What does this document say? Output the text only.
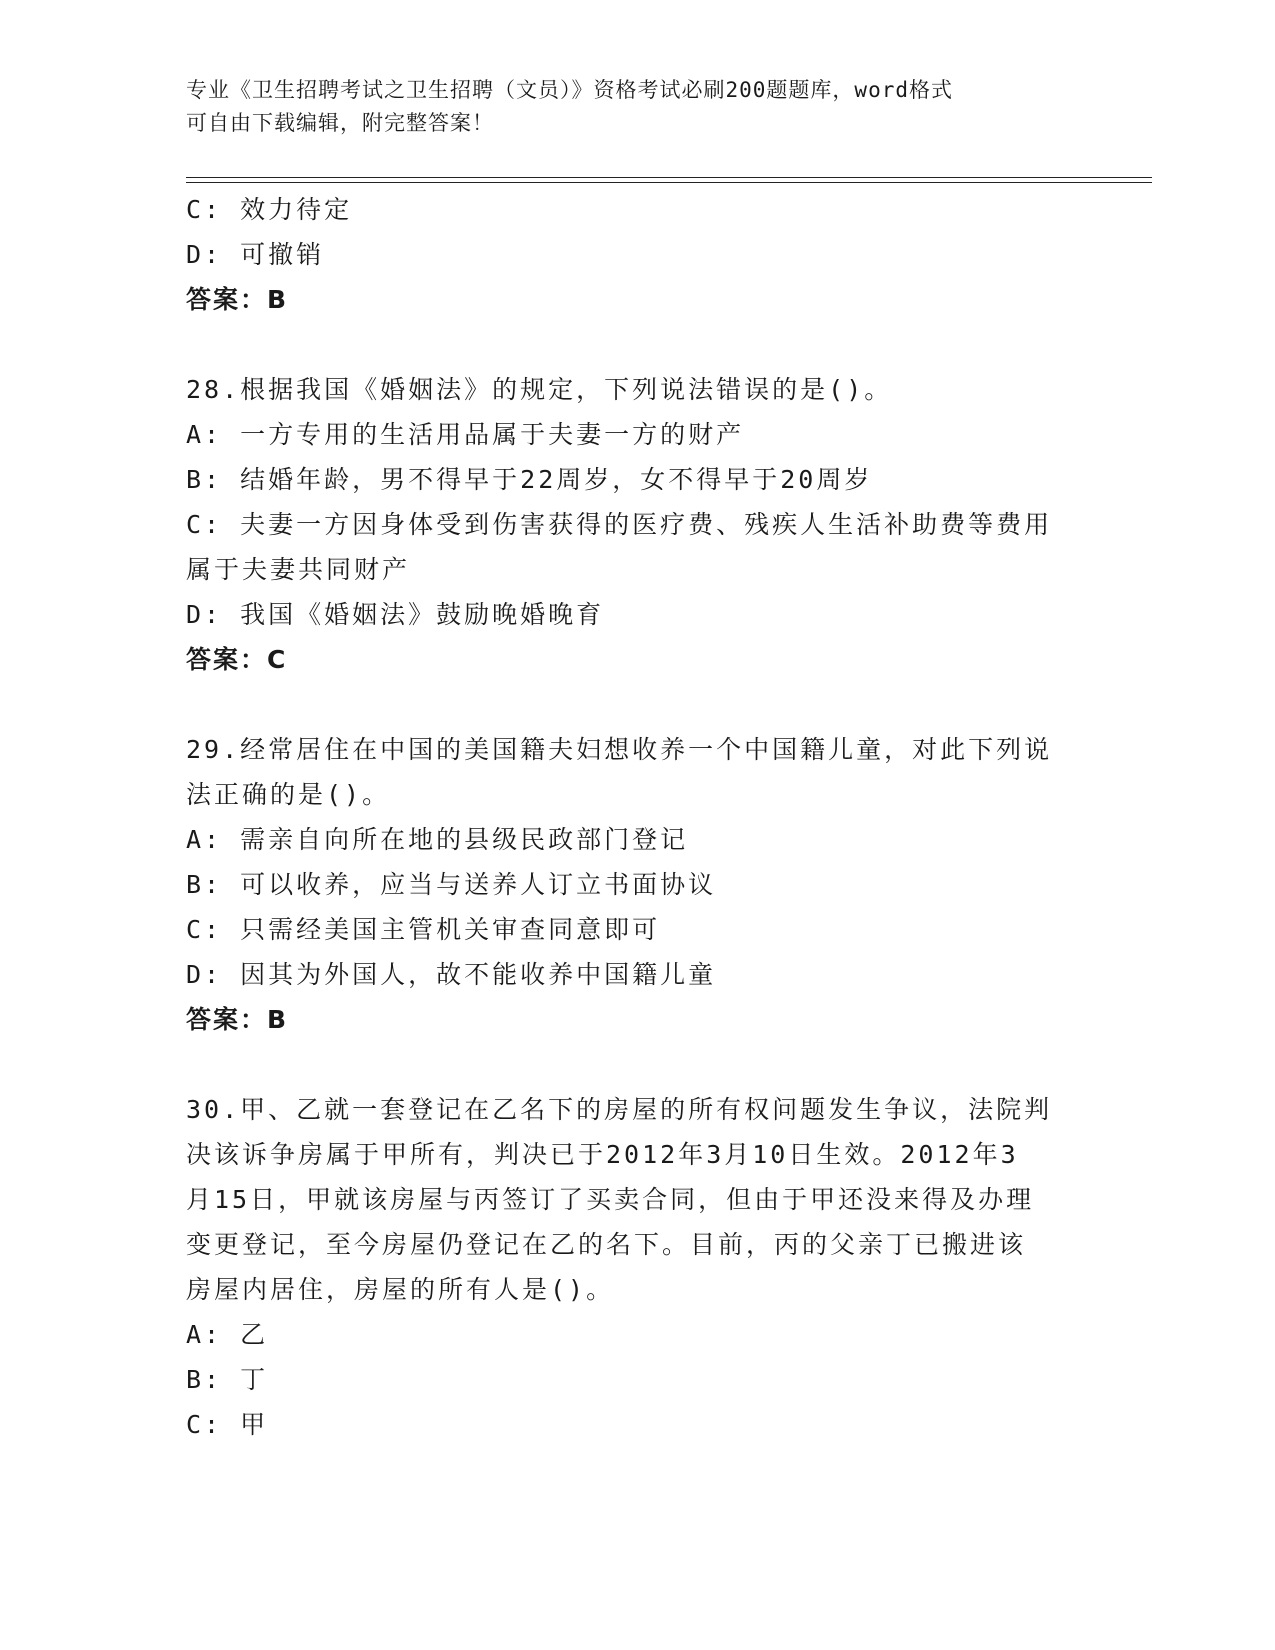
专业《卫生招聘考试之卫生招聘（文员）》资格考试必刷200题题库，word格式
可自由下载编辑，附完整答案！
C: 效力待定
D: 可撤销
答案：B
28.根据我国《婚姻法》的规定，下列说法错误的是()。
A: 一方专用的生活用品属于夫妻一方的财产
B: 结婚年龄，男不得早于22周岁，女不得早于20周岁
C: 夫妻一方因身体受到伤害获得的医疗费、残疾人生活补助费等费用
属于夫妻共同财产
D: 我国《婚姻法》鼓励晚婚晚育
答案：C
29.经常居住在中国的美国籍夫妇想收养一个中国籍儿童，对此下列说
法正确的是()。
A: 需亲自向所在地的县级民政部门登记
B: 可以收养，应当与送养人订立书面协议
C: 只需经美国主管机关审查同意即可
D: 因其为外国人，故不能收养中国籍儿童
答案：B
30.甲、乙就一套登记在乙名下的房屋的所有权问题发生争议，法院判
决该诉争房属于甲所有，判决已于2012年3月10日生效。2012年3
月15日，甲就该房屋与丙签订了买卖合同，但由于甲还没来得及办理
变更登记，至今房屋仍登记在乙的名下。目前，丙的父亲丁已搬进该
房屋内居住，房屋的所有人是()。
A: 乙
B: 丁
C: 甲
